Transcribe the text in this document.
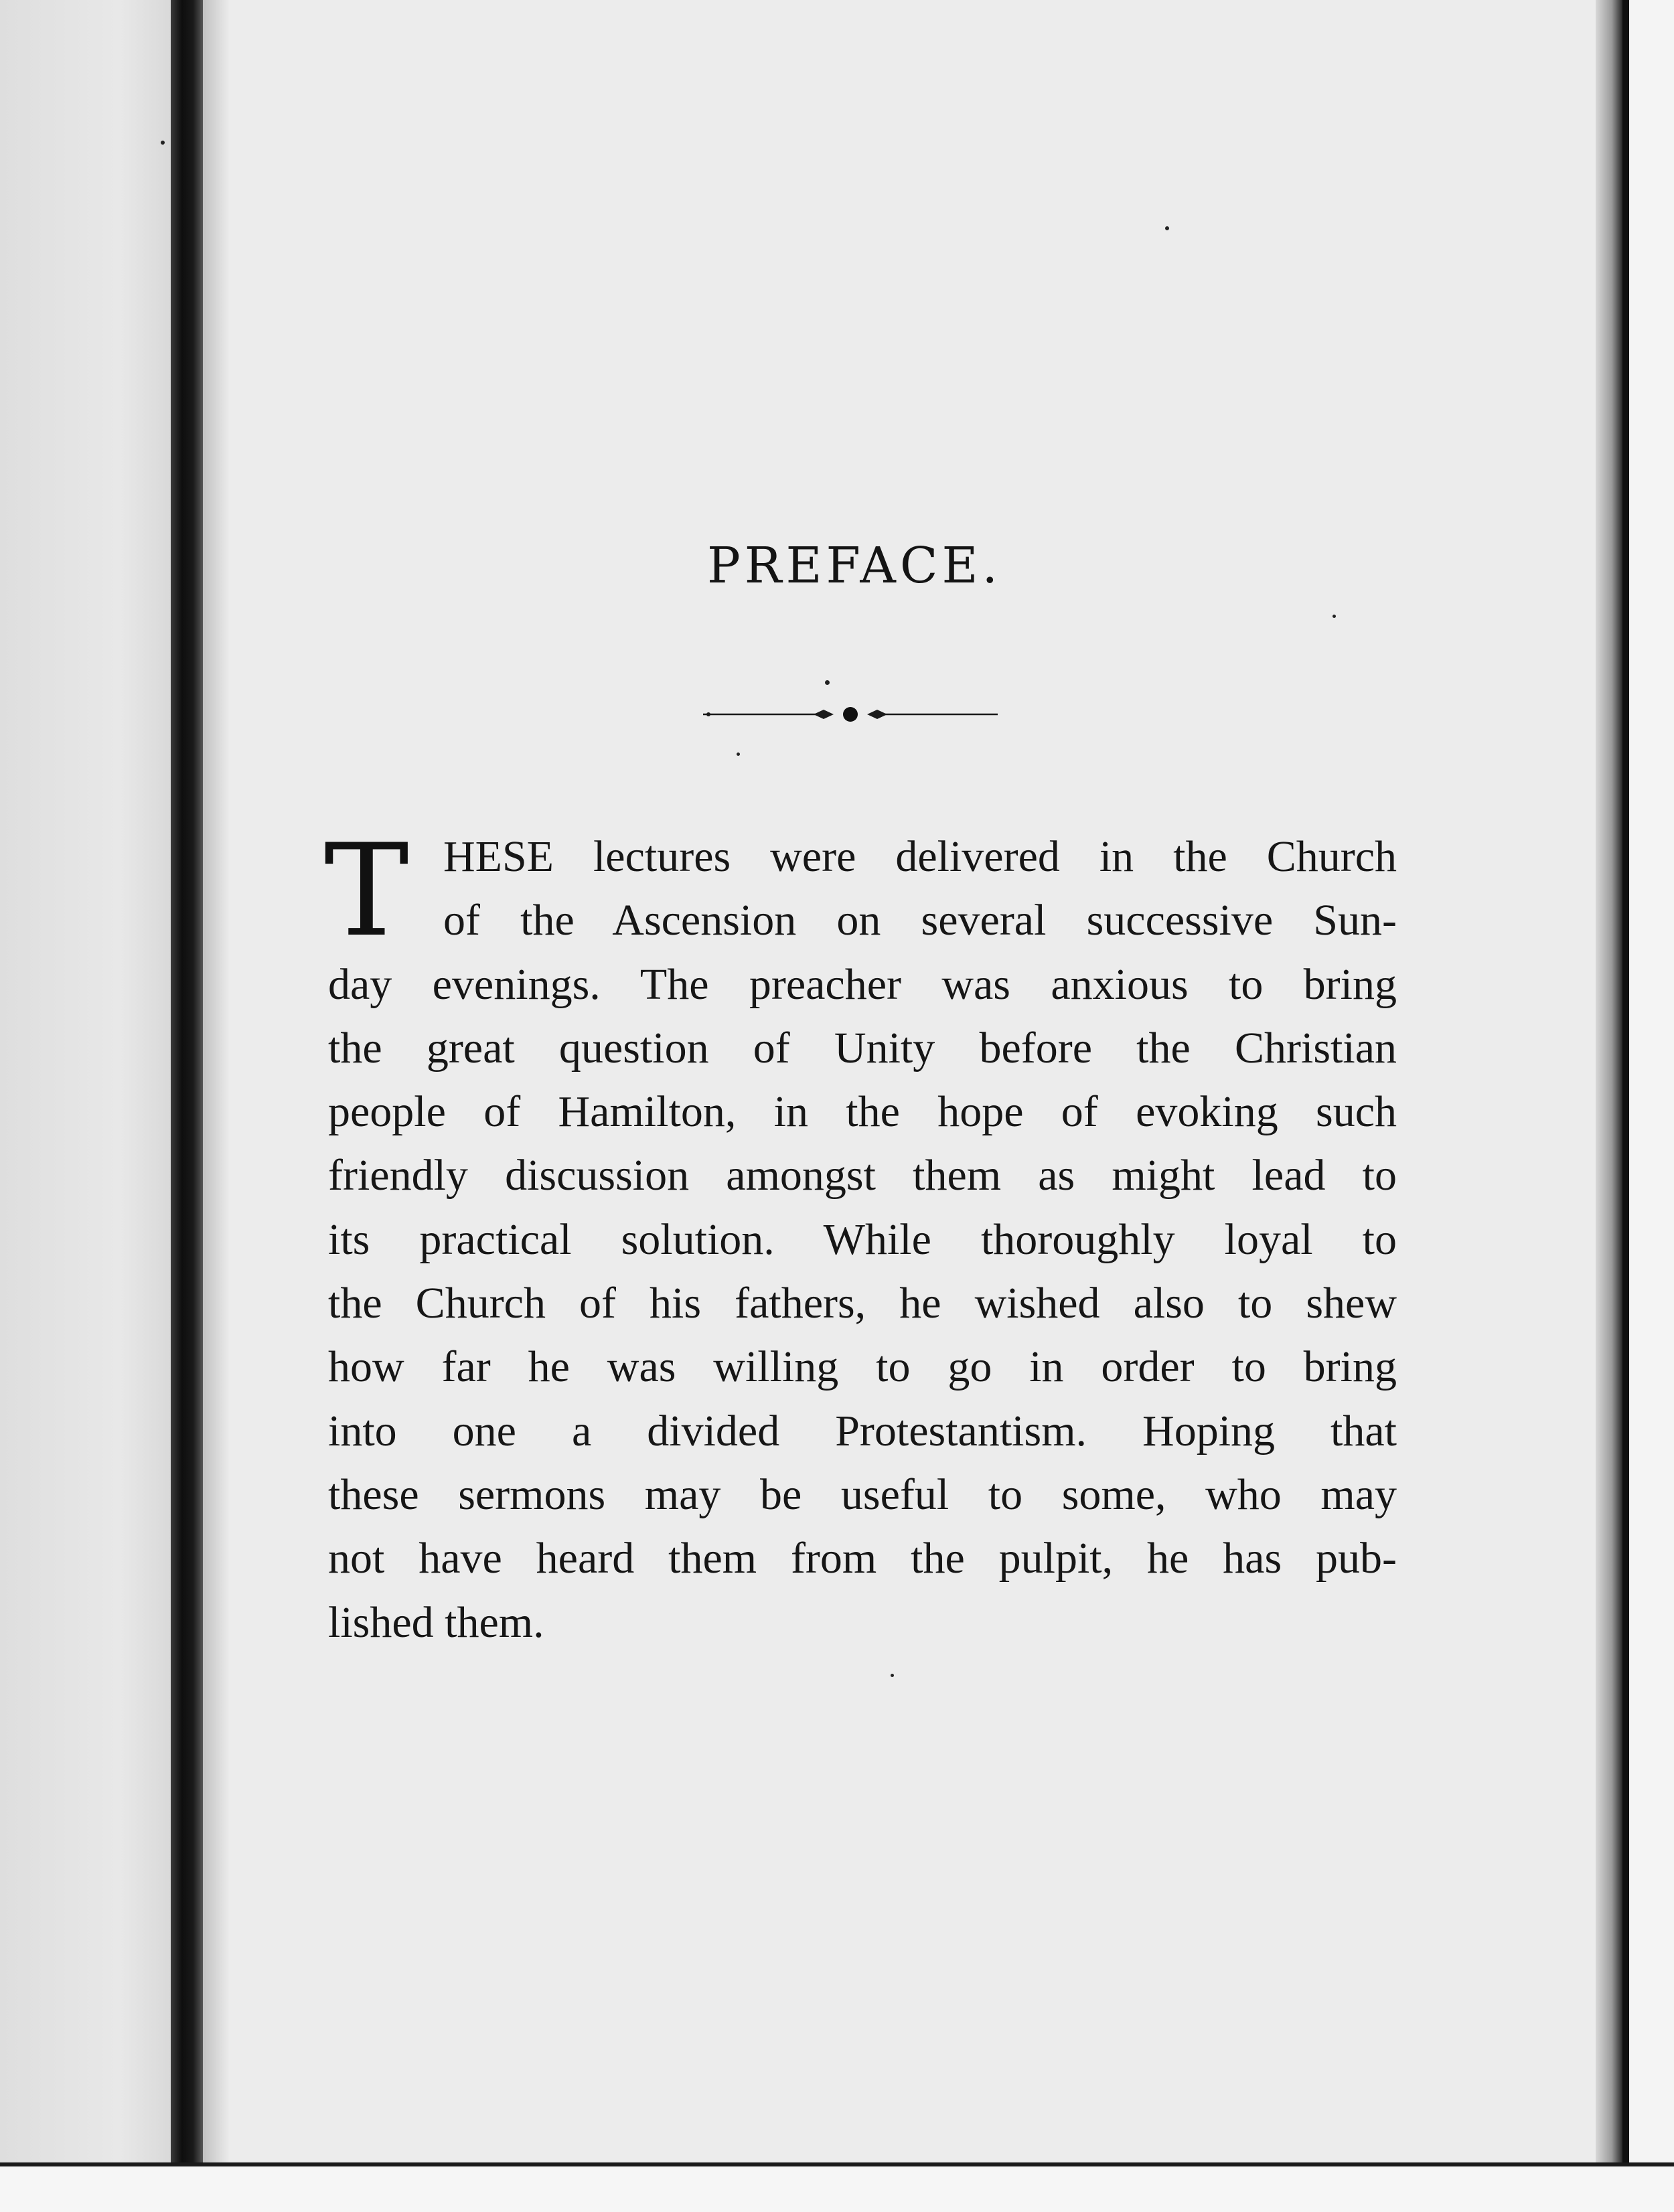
PREFACE.
T HESE lectures were delivered in the Church
of the Ascension on several successive Sun-
day evenings. The preacher was anxious to bring
the great question of Unity before the Christian
people of Hamilton, in the hope of evoking such
friendly discussion amongst them as might lead to
its practical solution. While thoroughly loyal to
the Church of his fathers, he wished also to shew
how far he was willing to go in order to bring
into one a divided Protestantism. Hoping that
these sermons may be useful to some, who may
not have heard them from the pulpit, he has pub-
lished them.
